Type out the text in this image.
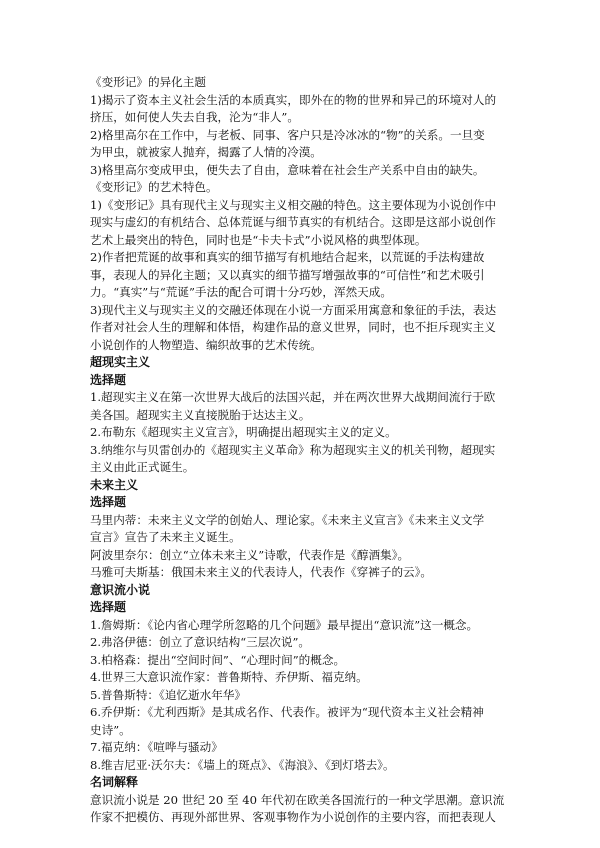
《变形记》的异化主题
1)揭示了资本主义社会生活的本质真实，即外在的物的世界和异己的环境对人的
挤压，如何使人失去自我，沦为“非人”。
2)格里高尔在工作中，与老板、同事、客户只是冷冰冰的“物”的关系。一旦变
为甲虫，就被家人抛弃，揭露了人情的冷漠。
3)格里高尔变成甲虫，便失去了自由，意味着在社会生产关系中自由的缺失。
《变形记》的艺术特色。
1)《变形记》具有现代主义与现实主义相交融的特色。这主要体现为小说创作中
现实与虚幻的有机结合、总体荒诞与细节真实的有机结合。这即是这部小说创作
艺术上最突出的特色，同时也是“卡夫卡式”小说风格的典型体现。
2)作者把荒诞的故事和真实的细节描写有机地结合起来，以荒诞的手法构建故
事，表现人的异化主题；又以真实的细节描写增强故事的“可信性”和艺术吸引
力。“真实”与“荒诞”手法的配合可谓十分巧妙，浑然天成。
3)现代主义与现实主义的交融还体现在小说一方面采用寓意和象征的手法，表达
作者对社会人生的理解和体悟，构建作品的意义世界，同时，也不拒斥现实主义
小说创作的人物塑造、编织故事的艺术传统。
超现实主义
选择题
1.超现实主义在第一次世界大战后的法国兴起，并在两次世界大战期间流行于欧
美各国。超现实主义直接脱胎于达达主义。
2.布勒东《超现实主义宣言》，明确提出超现实主义的定义。
3.纳维尔与贝雷创办的《超现实主义革命》称为超现实主义的机关刊物，超现实
主义由此正式诞生。
未来主义
选择题
马里内蒂：未来主义文学的创始人、理论家。《未来主义宣言》《未来主义文学
宣言》宣告了未来主义诞生。
阿波里奈尔：创立“立体未来主义”诗歌，代表作是《醇酒集》。
马雅可夫斯基：俄国未来主义的代表诗人，代表作《穿裤子的云》。
意识流小说
选择题
1.詹姆斯：《论内省心理学所忽略的几个问题》最早提出“意识流”这一概念。
2.弗洛伊德：创立了意识结构“三层次说”。
3.柏格森：提出“空间时间”、“心理时间”的概念。
4.世界三大意识流作家：普鲁斯特、乔伊斯、福克纳。
5.普鲁斯特：《追忆逝水年华》
6.乔伊斯：《尤利西斯》是其成名作、代表作。被评为“现代资本主义社会精神
史诗”。
7.福克纳：《喧哗与骚动》
8.维吉尼亚·沃尔夫：《墙上的斑点》、《海浪》、《到灯塔去》。
名词解释
意识流小说是 20 世纪 20 至 40 年代初在欧美各国流行的一种文学思潮。意识流
作家不把模仿、再现外部世界、客观事物作为小说创作的主要内容，而把表现人
